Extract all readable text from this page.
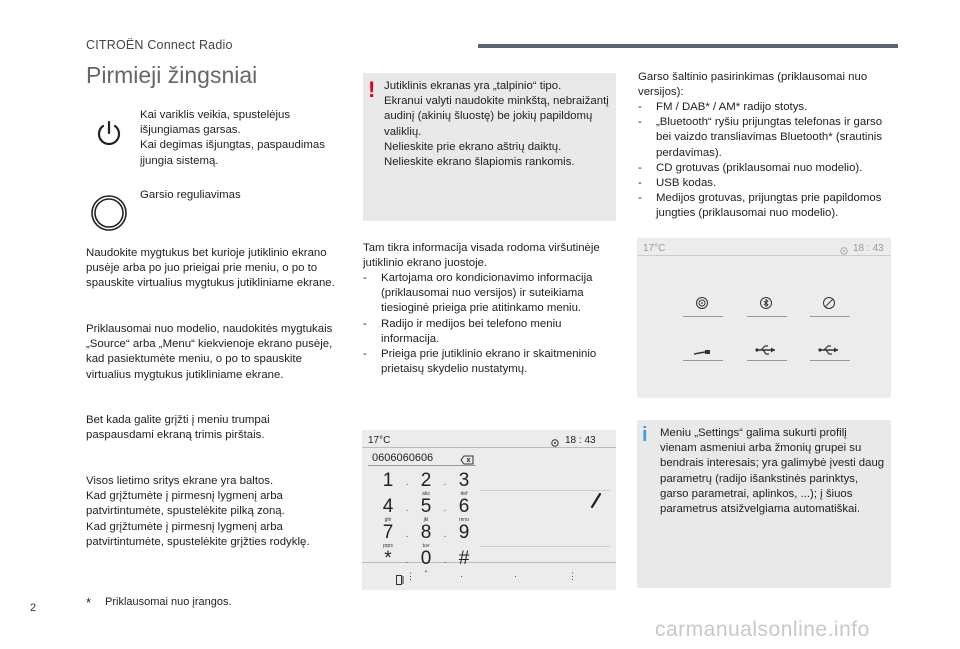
CITROËN Connect Radio
Pirmieji žingsniai
Kai variklis veikia, spustelėjus išjungiamas garsas.
Kai degimas išjungtas, paspaudimas įjungia sistemą.
Garsio reguliavimas
Naudokite mygtukus bet kurioje jutiklinio ekrano pusėje arba po juo prieigai prie meniu, o po to spauskite virtualius mygtukus jutikliniame ekrane.
Priklausomai nuo modelio, naudokitės mygtukais „Source“ arba „Menu“ kiekvienoje ekrano pusėje, kad pasiektumėte meniu, o po to spauskite virtualius mygtukus jutikliniame ekrane.
Bet kada galite grįžti į meniu trumpai paspausdami ekraną trimis pirštais.
Visos lietimo sritys ekrane yra baltos.
Kad grįžtumėte į pirmesnį lygmenį arba patvirtintumėte, spustelėkite pilką zoną.
Kad grįžtumėte į pirmesnį lygmenį arba patvirtintumėte, spustelėkite grįžties rodyklę.
* Priklausomai nuo įrangos.
! Jutiklinis ekranas yra „talpinio“ tipo.
Ekranui valyti naudokite minkštą, nebraižantį audinį (akinių šluostę) be jokių papildomų valiklių.
Nelieskite prie ekrano aštrių daiktų.
Nelieskite ekrano šlapiomis rankomis.
Tam tikra informacija visada rodoma viršutinėje jutiklinio ekrano juostoje.
-	Kartojama oro kondicionavimo informacija (priklausomai nuo versijos) ir suteikiama tiesioginė prieiga prie atitinkamo meniu.
-	Radijo ir medijos bei telefono meniu informacija.
-	Prieiga prie jutiklinio ekrano ir skaitmeninio prietaisų skydelio nustatymų.
17°C	18 : 43
0606060606
⋮	·	·	⋮
1	· 2
abc
· 3
def
4
ghi
· 5
jkl
· 6
mno
7
pqrs
· 8
tuv
· 9
*	· 0
+
· #
Garso šaltinio pasirinkimas (priklausomai nuo versijos):
-	FM / DAB* / AM* radijo stotys.
-	„Bluetooth“ ryšiu prijungtas telefonas ir garso bei vaizdo transliavimas Bluetooth* (srautinis perdavimas).
-	CD grotuvas (priklausomai nuo modelio).
-	USB kodas.
-	Medijos grotuvas, prijungtas prie papildomos jungties (priklausomai nuo modelio).
17°C	18 : 43
i Meniu „Settings“ galima sukurti profilį vienam asmeniui arba žmonių grupei su bendrais interesais; yra galimybė įvesti daug parametrų (radijo išankstinės parinktys, garso parametrai, aplinkos, ...); į šiuos parametrus atsižvelgiama automatiškai.
2
carmanualsonline.info
